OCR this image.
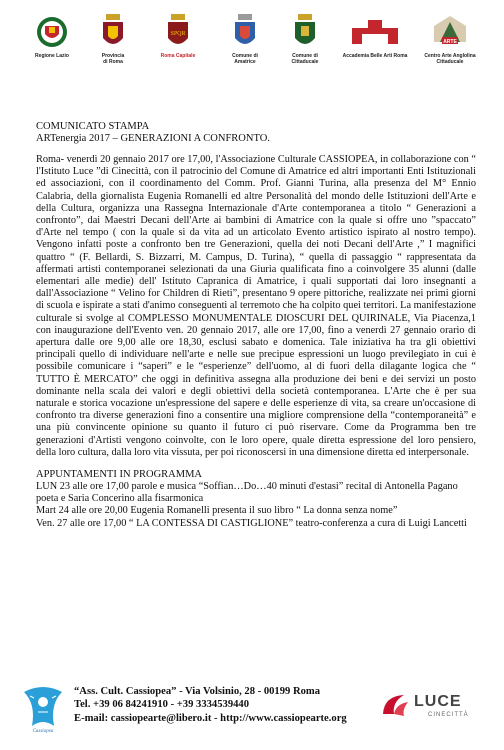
Regione Lazio	Provincia
di Roma
SPQR
Roma Capitale	Comune di
Amatrice
Comune di
Cittaducale
Accademia Belle Arti Roma
ARTE
Centro Arte Anglolina
Cittaducale

COMUNICATO STAMPA

ARTenergia 2017 – GENERAZIONI A CONFRONTO.

Roma- venerdì 20 gennaio 2017 ore 17,00, l'Associazione Culturale CASSIOPEA, in collaborazione con “ l'Istituto Luce ”di Cinecittà, con il patrocinio del Comune di Amatrice ed altri importanti Enti Istituzionali ed associazioni, con il coordinamento del Comm. Prof. Gianni Turina, alla presenza del M° Ennio Calabria, della giornalista Eugenia Romanelli ed altre Personalità del mondo delle Istituzioni dell'Arte e della Cultura, organizza una Rassegna Internazionale d'Arte contemporanea a titolo “ Generazioni a confronto”, dai Maestri Decani dell'Arte ai bambini di Amatrice con la quale si offre uno ”spaccato” d'Arte nel tempo ( con la quale si da vita ad un articolato Evento artistico ispirato al nostro tempo). Vengono infatti poste a confronto ben tre Generazioni, quella dei noti Decani dell'Arte ,” I magnifici quattro “ (F. Bellardi, S. Bizzarri, M. Campus, D. Turina), “ quella di passaggio “ rappresentata da affermati artisti contemporanei selezionati da una Giuria qualificata fino a coinvolgere 35 alunni (dalle elementari alle medie) dell' Istituto Capranica di Amatrice, i quali supportati dai loro insegnanti a dall'Associazione “ Velino for Children di Rieti”, presentano 9 opere pittoriche, realizzate nei primi giorni di scuola e ispirate a stati d'animo conseguenti al terremoto che ha colpito quei territori. La manifestazione culturale si svolge al COMPLESSO MONUMENTALE DIOSCURI DEL QUIRINALE, Via Piacenza,1 con inaugurazione dell'Evento ven. 20 gennaio 2017, alle ore 17,00, fino a venerdì 27 gennaio orario di apertura dalle ore 9,00 alle ore 18,30, esclusi sabato e domenica. Tale iniziativa ha tra gli obiettivi principali quello di individuare nell'arte e nelle sue precipue espressioni un luogo previlegiato in cui è possibile comunicare i “saperi” e le “esperienze” dell'uomo, al di fuori della dilagante logica che “ TUTTO È MERCATO” che oggi in definitiva assegna alla produzione dei beni e dei servizi un posto dominante nella scala dei valori e degli obiettivi della società contemporanea. L'Arte che è per sua naturale e storica vocazione un'espressione del sapere e delle esperienze di vita, sa creare un'occasione di confronto tra diverse generazioni fino a consentire una migliore comprensione della “contemporaneità” e una più convincente opinione su quanto il futuro ci può riservare. Come da Programma ben tre generazioni d'Artisti vengono coinvolte, con le loro opere, quale diretta espressione del loro pensiero, della loro cultura, dalla loro vita vissuta, per poi riconoscersi in una dimensione diretta ed interpersonale.

APPUNTAMENTI IN PROGRAMMA

LUN 23 alle ore 17,00 parole e musica “Soffian…Do…40 minuti d'estasi” recital di Antonella Pagano poeta e Saria Concerino alla fisarmonica
Mart 24 alle ore 20,00 Eugenia Romanelli presenta il suo libro “ La donna senza nome”
Ven. 27 alle ore 17,00 “ LA CONTESSA DI CASTIGLIONE” teatro-conferenza a cura di Luigi Lancetti
Cassiopea
“Ass. Cult. Cassiopea” - Via Volsinio, 28 - 00199 Roma
Tel. +39 06 84241910 - +39 3334539440
E-mail: cassiopearte@libero.it - http://www.cassiopearte.org
LUCE
CINECITTÀ
